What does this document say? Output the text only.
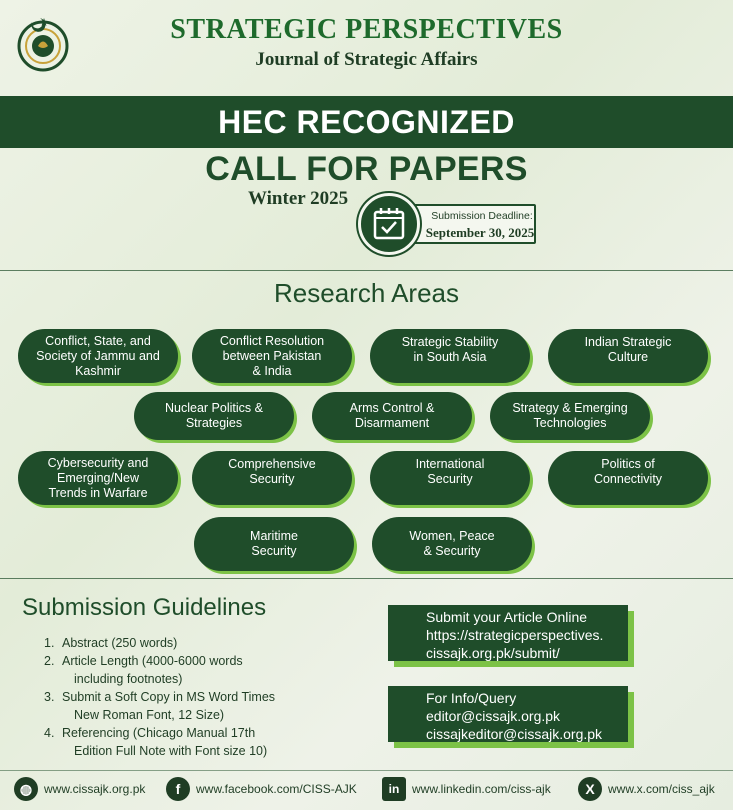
STRATEGIC PERSPECTIVES
Journal of Strategic Affairs
HEC RECOGNIZED
CALL FOR PAPERS
Winter 2025
Submission Deadline:
September 30, 2025
Research Areas
Conflict, State, and
Society of Jammu and
Kashmir
Conflict Resolution
between Pakistan
& India
Strategic Stability
in South Asia
Indian Strategic
Culture
Nuclear Politics &
Strategies
Arms Control &
Disarmament
Strategy & Emerging
Technologies
Cybersecurity and
Emerging/New
Trends in Warfare
Comprehensive
Security
International
Security
Politics of
Connectivity
Maritime
Security
Women, Peace
& Security
Submission Guidelines
1. Abstract (250 words)
2. Article Length (4000-6000 words
including footnotes)
3. Submit a Soft Copy in MS Word Times
New Roman Font, 12 Size)
4. Referencing (Chicago Manual 17th
Edition Full Note with Font size 10)
Submit your Article Online
https://strategicperspectives.
cissajk.org.pk/submit/
For Info/Query
editor@cissajk.org.pk
cissajkeditor@cissajk.org.pk
◍ www.cissajk.org.pk	f	www.facebook.com/CISS-AJK	in	www.linkedin.com/ciss-ajk	X	www.x.com/ciss_ajk
